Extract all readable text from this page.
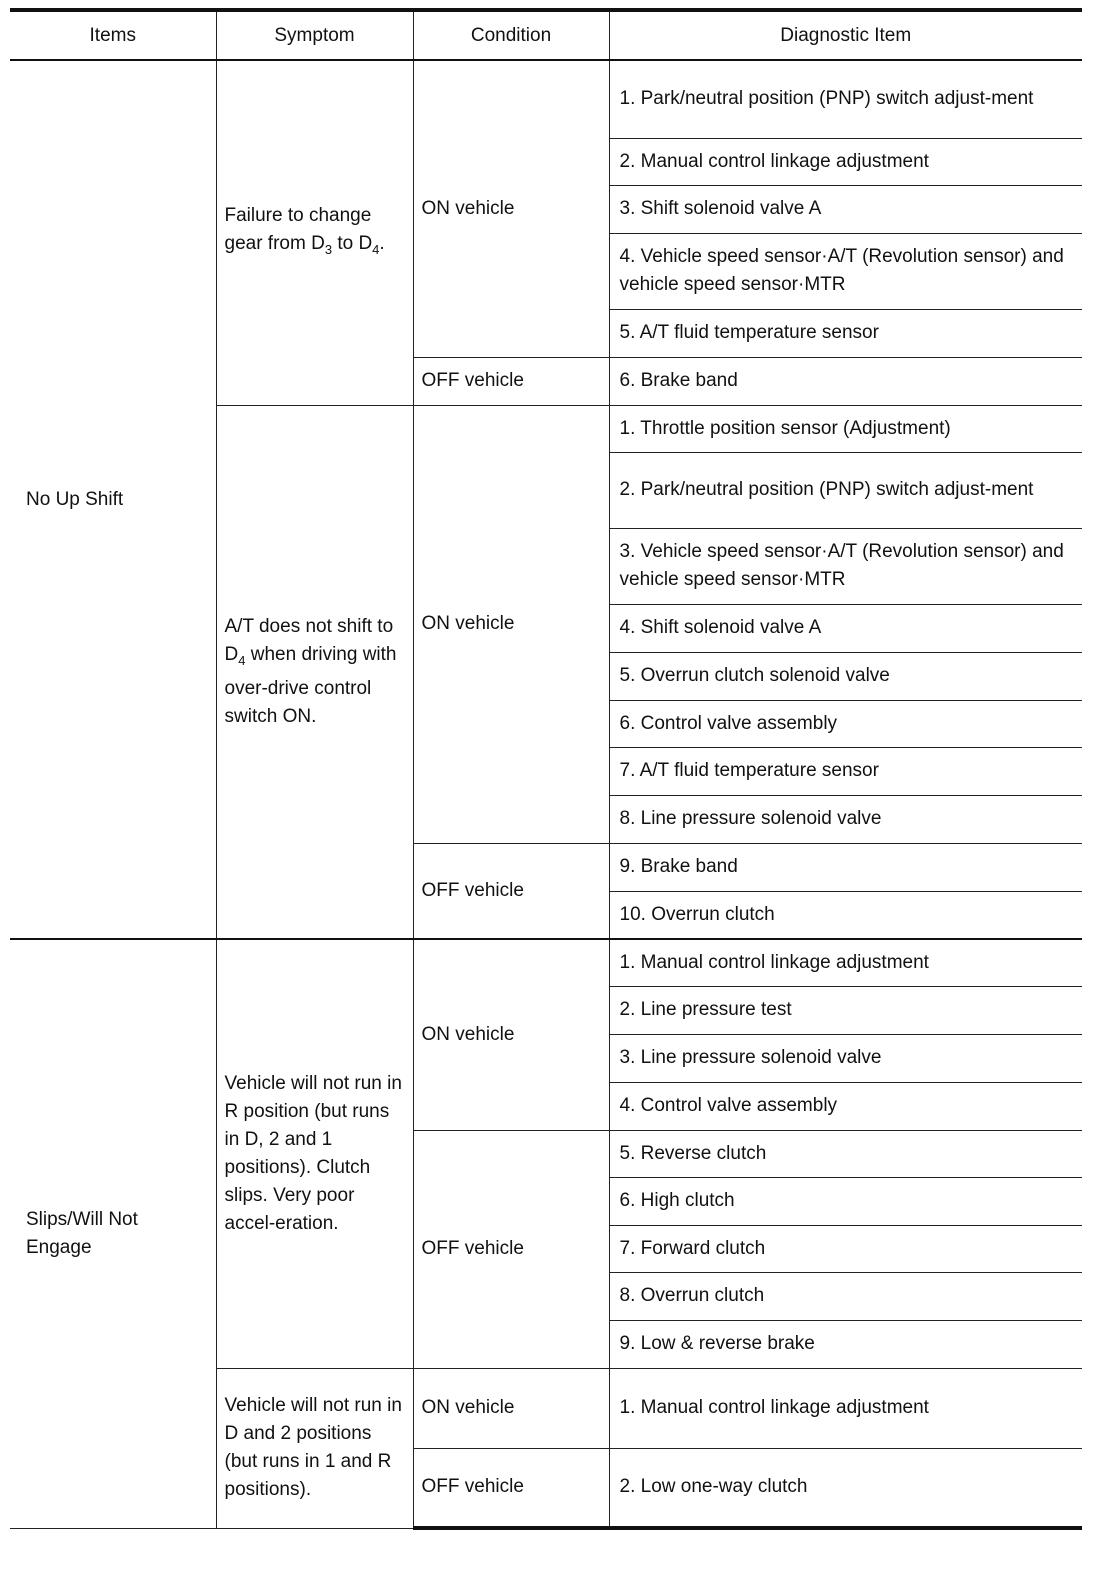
Items	Symptom	Condition	Diagnostic Item
No Up Shift	Failure to change gear from $D_3$ to $D_4$.	ON vehicle	1. Park/neutral position (PNP) switch adjust-ment
			2. Manual control linkage adjustment
			3. Shift solenoid valve A
			4. Vehicle speed sensor·A/T (Revolution sensor) and vehicle speed sensor·MTR
			5. A/T fluid temperature sensor
		OFF vehicle	6. Brake band

	A/T does not shift to $D_4$ when driving with over-drive control switch ON.	ON vehicle	1. Throttle position sensor (Adjustment)
			2. Park/neutral position (PNP) switch adjust-ment
			3. Vehicle speed sensor·A/T (Revolution sensor) and vehicle speed sensor·MTR
			4. Shift solenoid valve A
			5. Overrun clutch solenoid valve
			6. Control valve assembly
			7. A/T fluid temperature sensor
			8. Line pressure solenoid valve
		OFF vehicle	9. Brake band
			10. Overrun clutch
Slips/Will Not Engage	Vehicle will not run in R position (but runs in D, 2 and 1 positions). Clutch slips. Very poor accel-eration.	ON vehicle	1. Manual control linkage adjustment
			2. Line pressure test
			3. Line pressure solenoid valve
			4. Control valve assembly
		OFF vehicle	5. Reverse clutch
			6. High clutch
			7. Forward clutch
			8. Overrun clutch
			9. Low & reverse brake

	Vehicle will not run in D and 2 positions (but runs in 1 and R positions).	ON vehicle	1. Manual control linkage adjustment
		OFF vehicle	2. Low one-way clutch
